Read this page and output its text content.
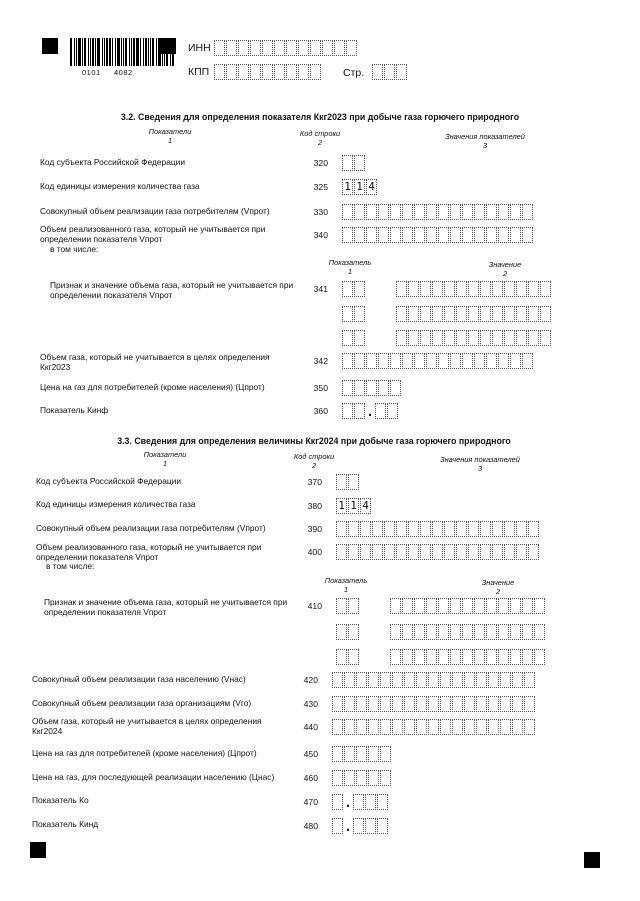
0101 4082
ИНН
КПП	Стр.
3.2. Сведения для определения показателя Ккг2023 при добыче газа горючего природного
Показатели
1
Код строки
2
Значения показателей
3
Код субъекта Российской Федерации	320
Код единицы измерения количества газа	325 1 1 4
Совокупный объем реализации газа потребителям (Vпрот)	330
Объем реализованного газа, который не учитывается при определении показателя Vпрот
в том числе:
340
Показатель
1
Значение
2
Признак и значение объема газа, который не учитывается при определении показателя Vпрот
341
Объем газа, который не учитывается в целях определения Ккг2023
342
Цена на газ для потребителей (кроме населения) (Цпрот)	350
Показатель Кинф	360	.
3.3. Сведения для определения величины Ккг2024 при добыче газа горючего природного
Показатели
1
Код строки
2
Значения показателей
3
Код субъекта Российской Федерации	370
Код единицы измерения количества газа	380 1 1 4
Совокупный объем реализации газа потребителям (Vпрот)	390
Объем реализованного газа, который не учитывается при определении показателя Vпрот
в том числе:
400
Показатель
1
Значение
2
Признак и значение объема газа, который не учитывается при определении показателя Vпрот
410
Совокупный объем реализации газа населению (Vнас)	420
Совокупный объем реализации газа организациям (Vго)	430
Объем газа, который не учитывается в целях определения Ккг2024	440
Цена на газ для потребителей (кроме населения) (Цпрот)	450
Цена на газ, для последующей реализации населению (Цнас)	460
Показатель Ко	470 .
Показатель Кинд	480 .
